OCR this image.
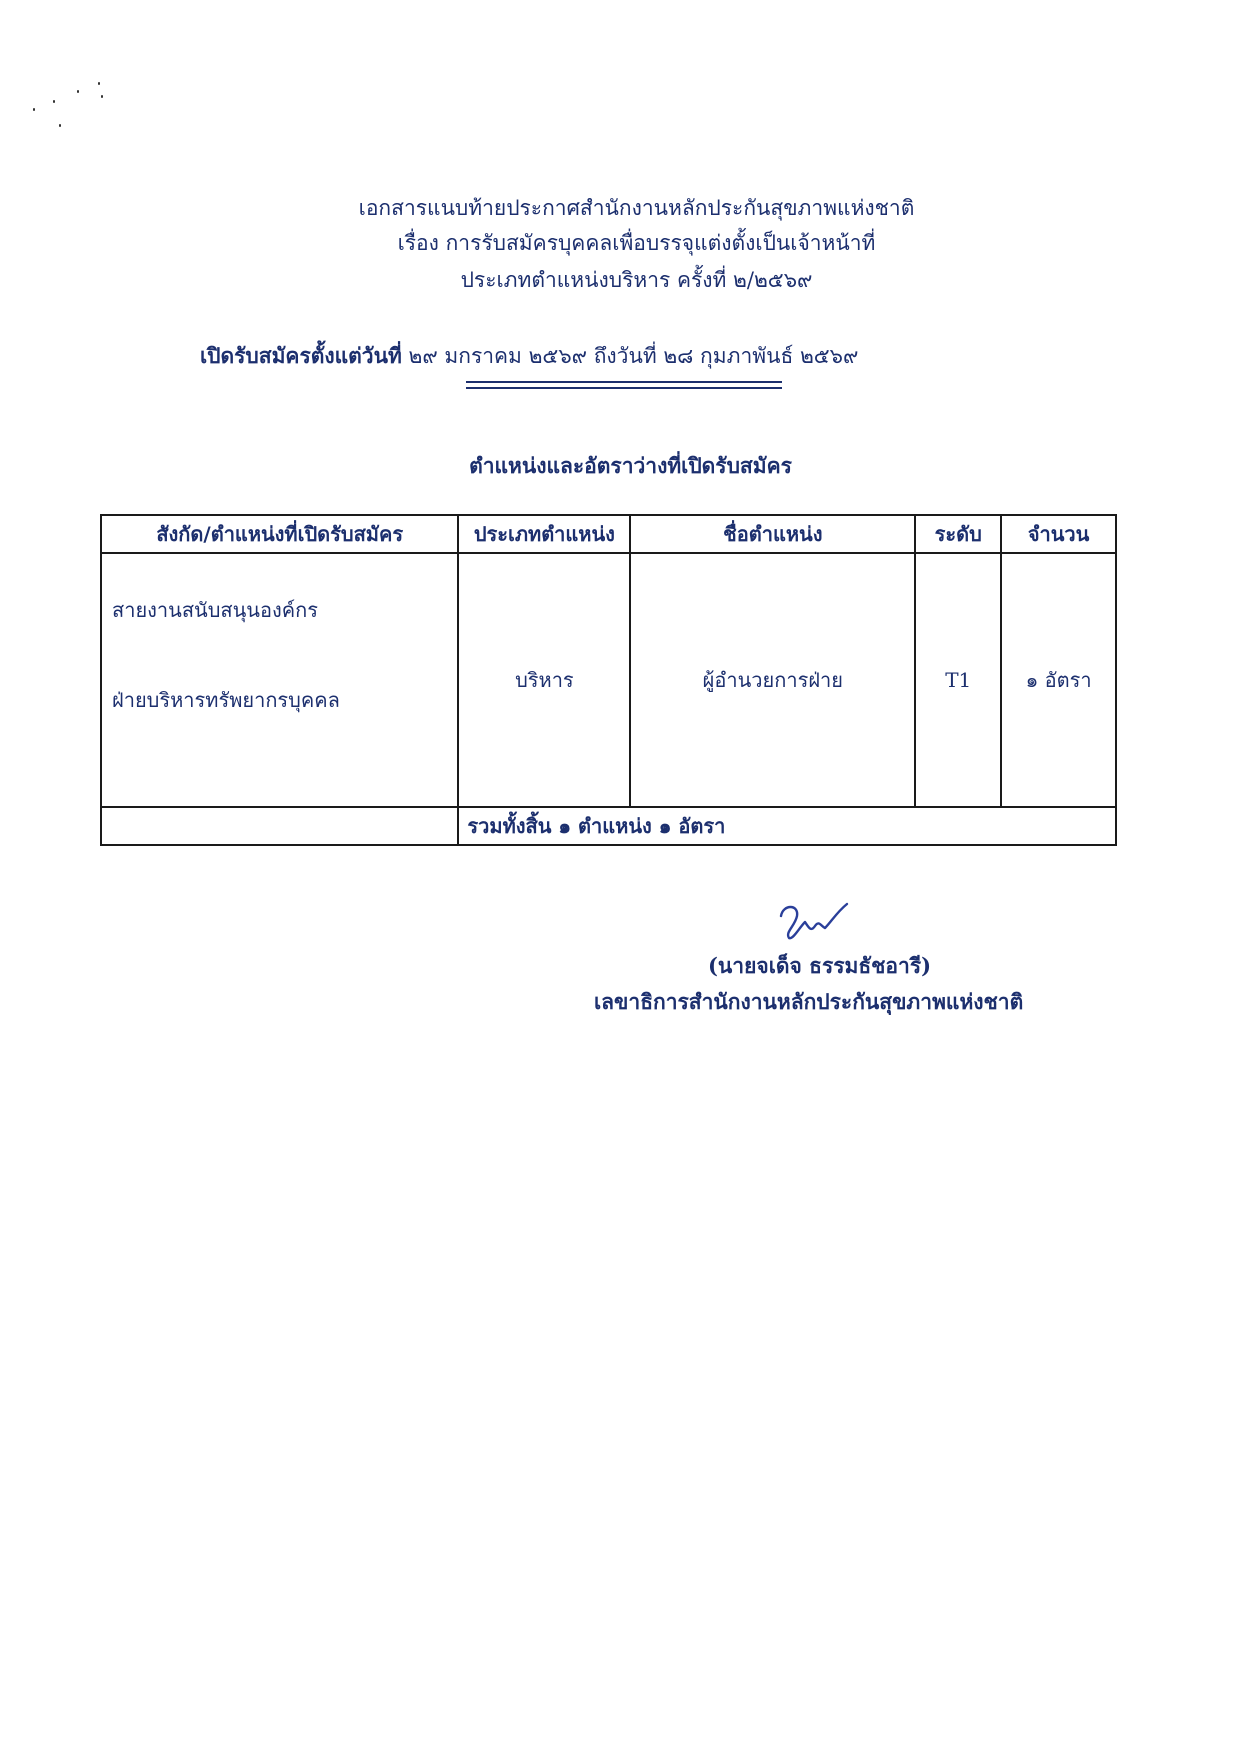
เอกสารแนบท้ายประกาศสำนักงานหลักประกันสุขภาพแห่งชาติ
เรื่อง การรับสมัครบุคคลเพื่อบรรจุแต่งตั้งเป็นเจ้าหน้าที่
ประเภทตำแหน่งบริหาร ครั้งที่ ๒/๒๕๖๙
เปิดรับสมัครตั้งแต่วันที่ ๒๙ มกราคม ๒๕๖๙ ถึงวันที่ ๒๘ กุมภาพันธ์ ๒๕๖๙
ตำแหน่งและอัตราว่างที่เปิดรับสมัคร
สังกัด/ตำแหน่งที่เปิดรับสมัคร	ประเภทตำแหน่ง	ชื่อตำแหน่ง	ระดับ	จำนวน

สายงานสนับสนุนองค์กร
ฝ่ายบริหารทรัพยากรบุคคล	บริหาร	ผู้อำนวยการฝ่าย	T1	๑ อัตรา
	รวมทั้งสิ้น ๑ ตำแหน่ง ๑ อัตรา			
(นายจเด็จ ธรรมธัชอารี)
เลขาธิการสำนักงานหลักประกันสุขภาพแห่งชาติ
